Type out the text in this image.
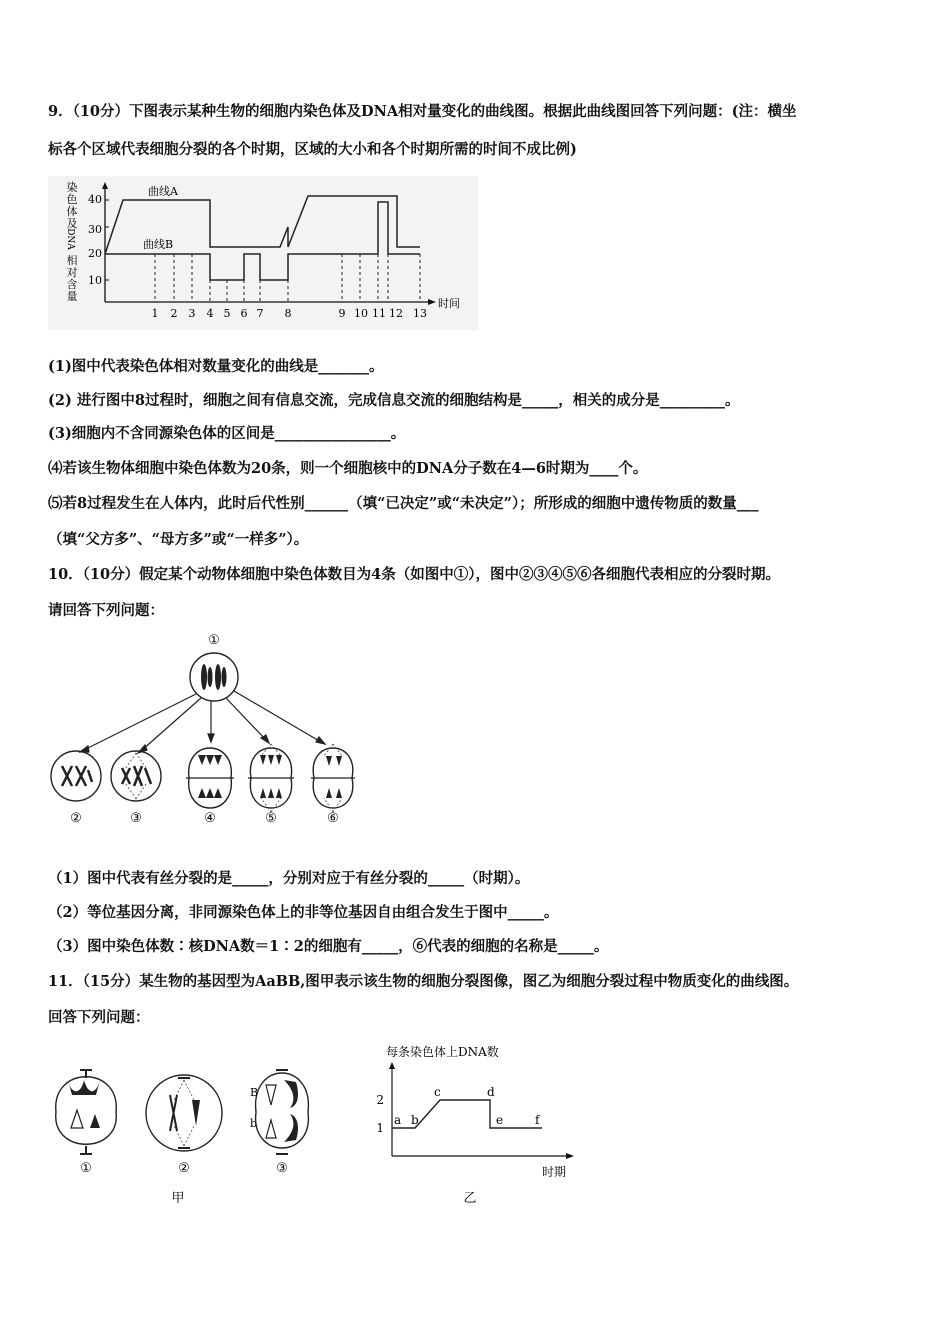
9．（10分）下图表示某种生物的细胞内染色体及DNA相对量变化的曲线图。根据此曲线图回答下列问题：(注：横坐
标各个区域代表细胞分裂的各个时期，区域的大小和各个时期所需的时间不成比例)
染
色
体
及
DNA
相
对
含
量
40
30
20
10
曲线A
曲线B
1 2 3 4 5 6 7 8	9 10 11 12 13
时间
(1)图中代表染色体相对数量变化的曲线是_______。
(2) 进行图中8过程时，细胞之间有信息交流，完成信息交流的细胞结构是_____，相关的成分是_________。
(3)细胞内不含同源染色体的区间是________________。
⑷若该生物体细胞中染色体数为20条，则一个细胞核中的DNA分子数在4—6时期为____个。
⑸若8过程发生在人体内，此时后代性别______（填“已决定”或“未决定”）；所形成的细胞中遗传物质的数量___
（填“父方多”、“母方多”或“一样多”）。
10．（10分）假定某个动物体细胞中染色体数目为4条（如图中①），图中②③④⑤⑥各细胞代表相应的分裂时期。
请回答下列问题：
①
②	③	④	⑤	⑥
（1）图中代表有丝分裂的是_____，分别对应于有丝分裂的_____（时期）。
（2）等位基因分离，非同源染色体上的非等位基因自由组合发生于图中_____。
（3）图中染色体数∶核DNA数＝1∶2的细胞有_____，⑥代表的细胞的名称是_____。
11．（15分）某生物的基因型为AaBB,图甲表示该生物的细胞分裂图像，图乙为细胞分裂过程中物质变化的曲线图。
回答下列问题：
B
b
①	②	③
甲
每条染色体上DNA数
2
1
a b
c	d
e	f
时期
乙
